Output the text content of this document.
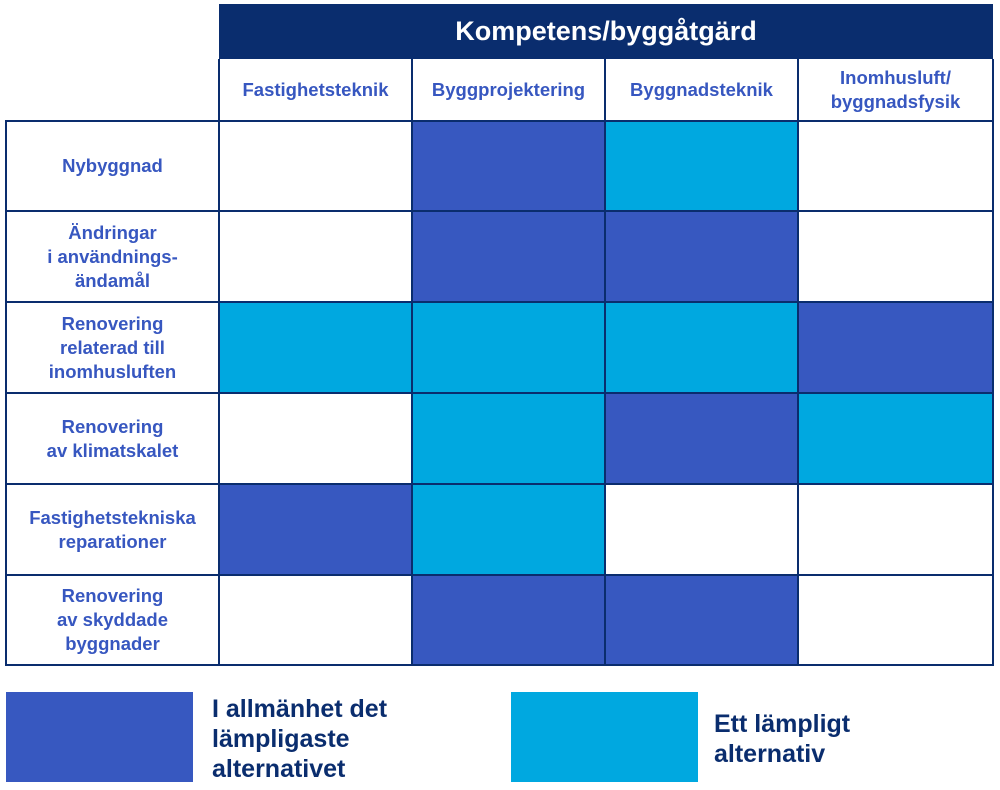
Kompetens/byggåtgärd
Fastighetsteknik	Byggprojektering	Byggnadsteknik
Inomhusluft/
byggnadsfysik
Nybyggnad
Ändringar
i användnings-
ändamål
Renovering
relaterad till
inomhusluften
Renovering
av klimatskalet
Fastighetstekniska
reparationer
Renovering
av skyddade
byggnader
I allmänhet det
lämpligaste
alternativet
Ett lämpligt
alternativ
